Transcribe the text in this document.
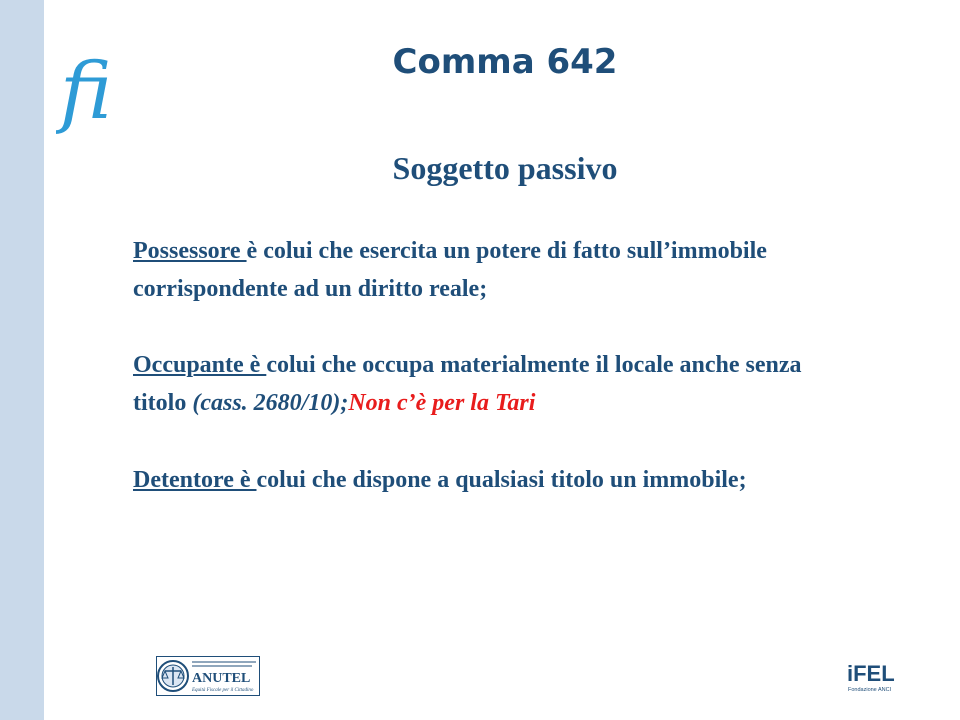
fi	Comma 642
Soggetto passivo

Possessore è colui che esercita un potere di fatto sull’immobile corrispondente ad un diritto reale;

Occupante è colui che occupa materialmente il locale anche senza titolo (cass. 2680/10);Non c’è per la Tari

Detentore è colui che dispone a qualsiasi titolo un immobile;

ANUTEL
Equità Fiscale per il Cittadino
iFEL
Fondazione ANCI
